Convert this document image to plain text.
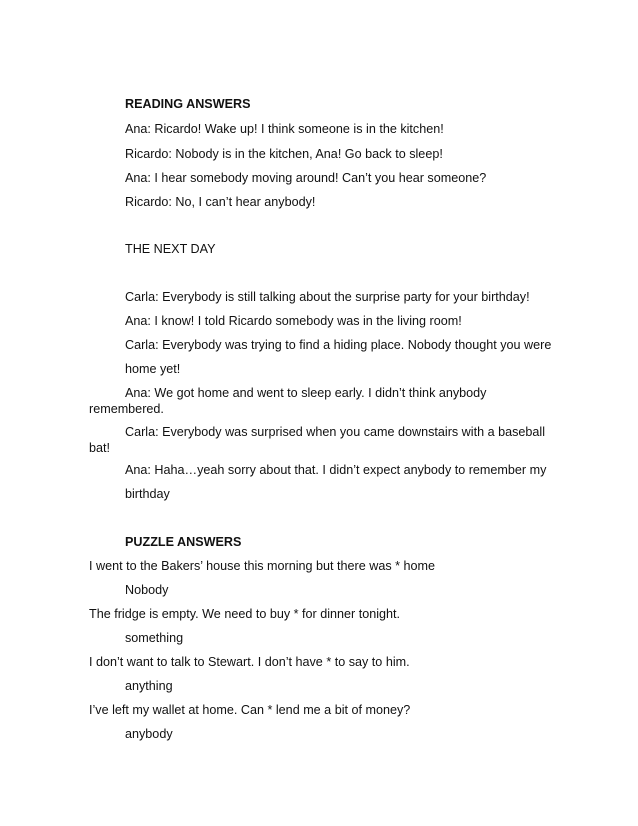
READING ANSWERS
Ana: Ricardo! Wake up! I think someone is in the kitchen!
Ricardo: Nobody is in the kitchen, Ana! Go back to sleep!
Ana: I hear somebody moving around! Can’t you hear someone?
Ricardo: No, I can’t hear anybody!
THE NEXT DAY
Carla: Everybody is still talking about the surprise party for your birthday!
Ana: I know! I told Ricardo somebody was in the living room!
Carla: Everybody was trying to find a hiding place. Nobody thought you were
home yet!
Ana: We got home and went to sleep early. I didn’t think anybody
remembered.
Carla: Everybody was surprised when you came downstairs with a baseball
bat!
Ana: Haha…yeah sorry about that. I didn’t expect anybody to remember my
birthday
PUZZLE ANSWERS
I went to the Bakers’ house this morning but there was * home
Nobody
The fridge is empty. We need to buy * for dinner tonight.
something
I don’t want to talk to Stewart. I don’t have * to say to him.
anything
I’ve left my wallet at home. Can * lend me a bit of money?
anybody
